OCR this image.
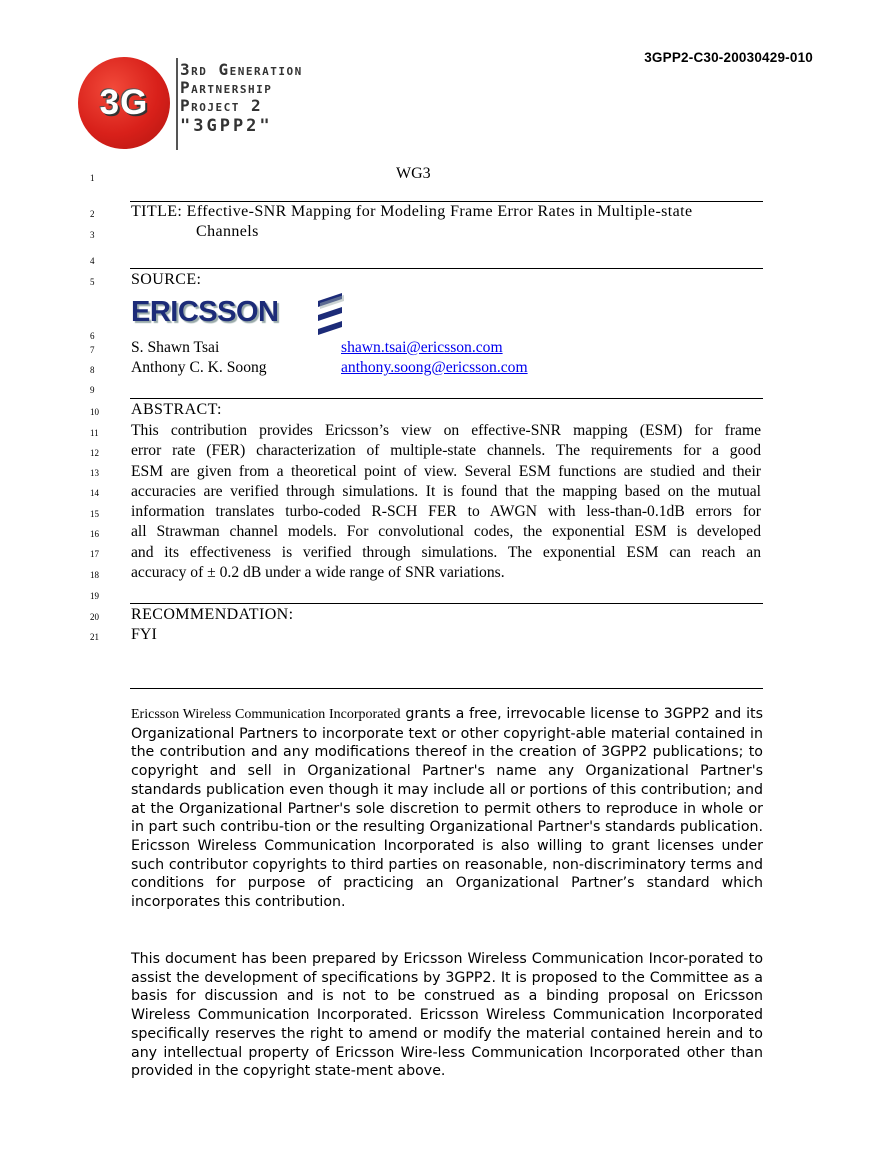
3GPP2-C30-20030429-010
3G
3rd Generation
Partnership
Project 2
"3GPP2"
1
2
3
4
5
6
7
8
9
10
11
12
13
14
15
16
17
18
19
20
21
WG3
TITLE: Effective-SNR Mapping for Modeling Frame Error Rates in Multiple-state
Channels
SOURCE:
ERICSSON
S. Shawn Tsai	shawn.tsai@ericsson.com
Anthony C. K. Soong	anthony.soong@ericsson.com
ABSTRACT:
This contribution provides Ericsson’s view on effective-SNR mapping (ESM) for frame
error rate (FER) characterization of multiple-state channels. The requirements for a good
ESM are given from a theoretical point of view. Several ESM functions are studied and their
accuracies are verified through simulations. It is found that the mapping based on the mutual
information translates turbo-coded R-SCH FER to AWGN with less-than-0.1dB errors for
all Strawman channel models. For convolutional codes, the exponential ESM is developed
and its effectiveness is verified through simulations. The exponential ESM can reach an
accuracy of ± 0.2 dB under a wide range of SNR variations.
RECOMMENDATION:
FYI
Ericsson Wireless Communication Incorporated grants a free, irrevocable license to 3GPP2 and its Organizational Partners to incorporate text or other copyright-able material contained in the contribution and any modifications thereof in the creation of 3GPP2 publications; to copyright and sell in Organizational Partner's name any Organizational Partner's standards publication even though it may include all or portions of this contribution; and at the Organizational Partner's sole discretion to permit others to reproduce in whole or in part such contribu-tion or the resulting Organizational Partner's standards publication. Ericsson Wireless Communication Incorporated is also willing to grant licenses under such contributor copyrights to third parties on reasonable, non-discriminatory terms and conditions for purpose of practicing an Organizational Partner’s standard which incorporates this contribution.
This document has been prepared by Ericsson Wireless Communication Incor-porated to assist the development of specifications by 3GPP2. It is proposed to the Committee as a basis for discussion and is not to be construed as a binding proposal on Ericsson Wireless Communication Incorporated. Ericsson Wireless Communication Incorporated specifically reserves the right to amend or modify the material contained herein and to any intellectual property of Ericsson Wire-less Communication Incorporated other than provided in the copyright state-ment above.
